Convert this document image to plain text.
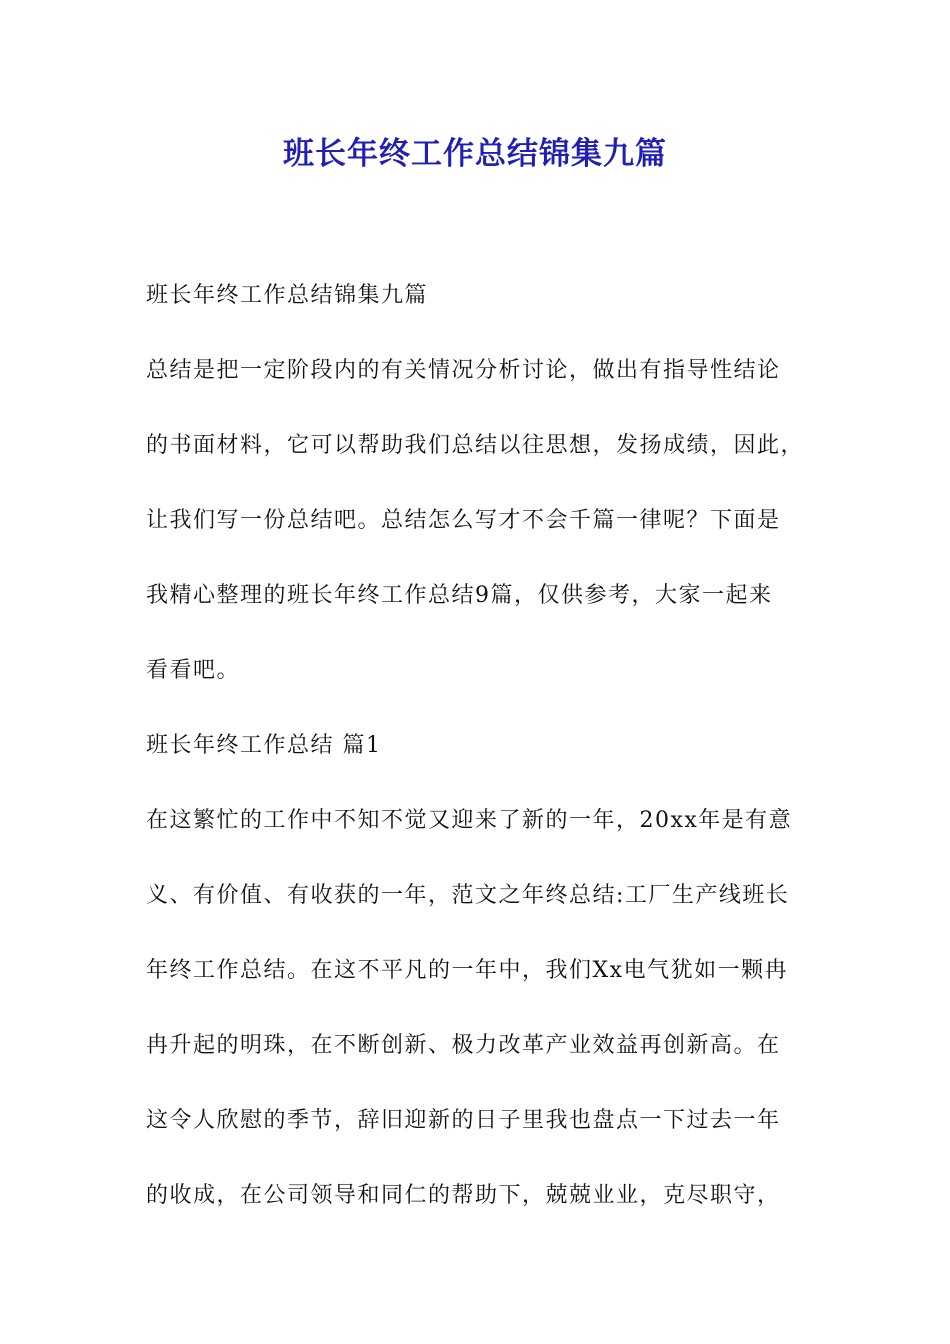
班长年终工作总结锦集九篇

班长年终工作总结锦集九篇

总结是把一定阶段内的有关情况分析讨论，做出有指导性结论
的书面材料，它可以帮助我们总结以往思想，发扬成绩，因此，
让我们写一份总结吧。总结怎么写才不会千篇一律呢？下面是
我精心整理的班长年终工作总结9篇，仅供参考，大家一起来
看看吧。

班长年终工作总结 篇1

在这繁忙的工作中不知不觉又迎来了新的一年，20xx年是有意
义、有价值、有收获的一年，范文之年终总结:工厂生产线班长
年终工作总结。在这不平凡的一年中，我们Xx电气犹如一颗冉
冉升起的明珠，在不断创新、极力改革产业效益再创新高。在
这令人欣慰的季节，辞旧迎新的日子里我也盘点一下过去一年
的收成，在公司领导和同仁的帮助下，兢兢业业，克尽职守，
